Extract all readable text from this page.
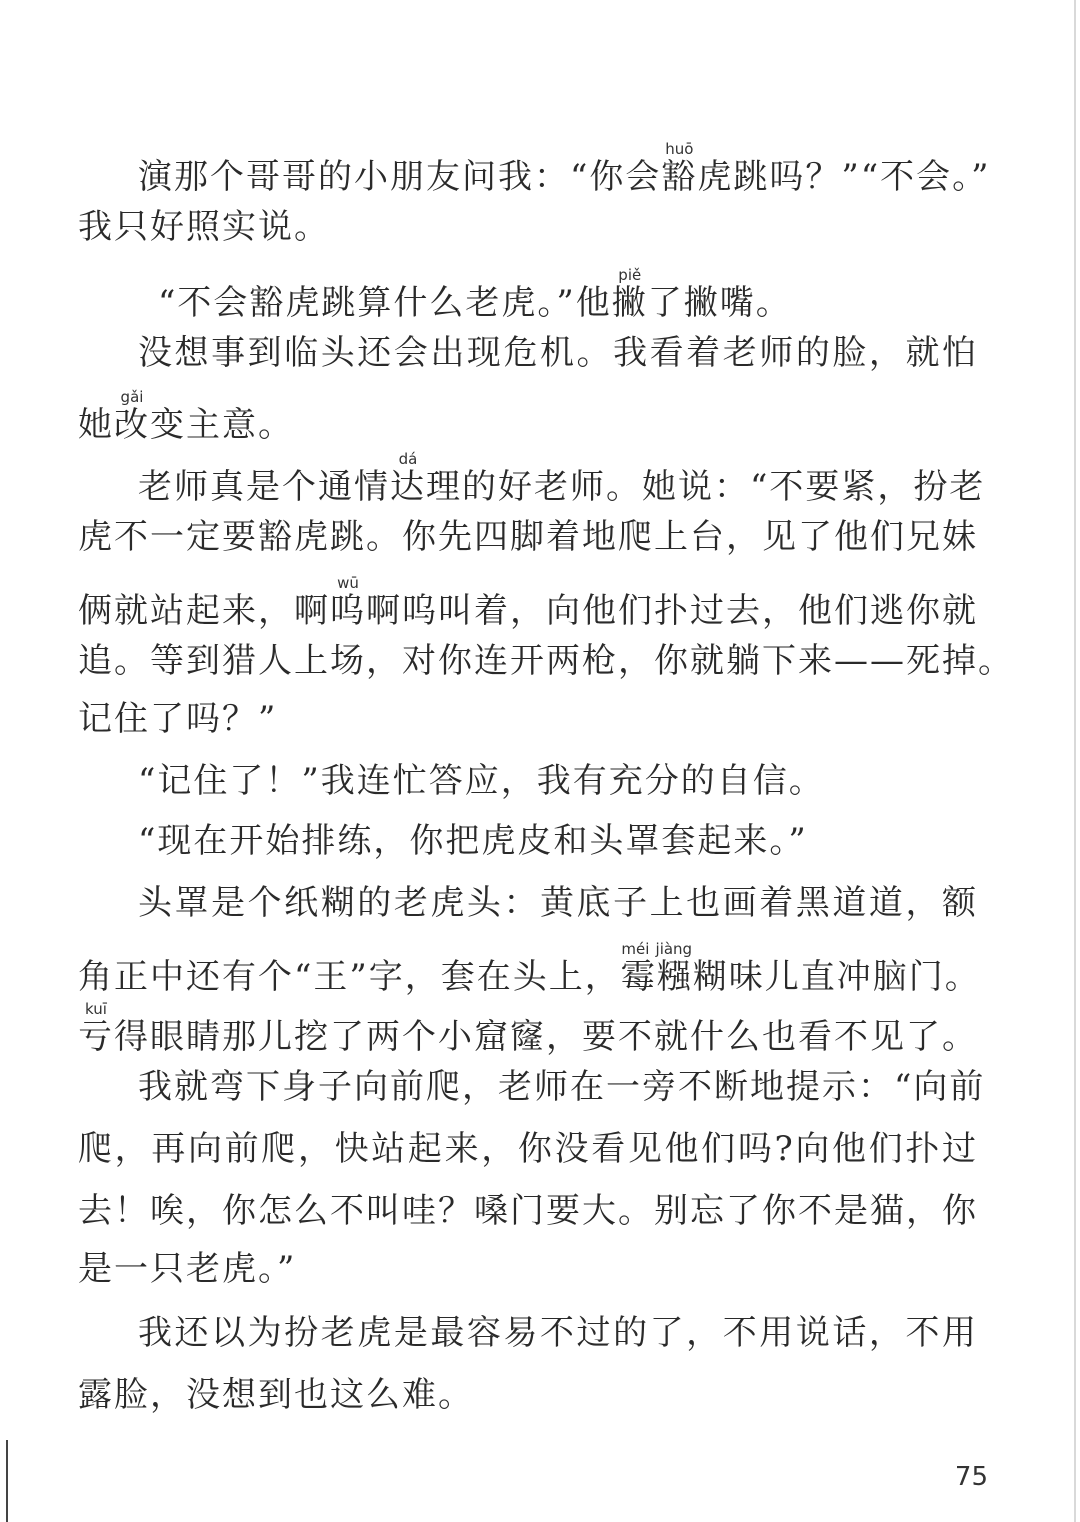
演那个哥哥的小朋友问我：“你会豁huō虎跳吗？”“不会。”
我只好照实说。
“不会豁虎跳算什么老虎。”他撇piě了撇嘴。
没想事到临头还会出现危机。我看着老师的脸，就怕
她改gǎi变主意。
老师真是个通情达dá理的好老师。她说：“不要紧，扮老
虎不一定要豁虎跳。你先四脚着地爬上台，见了他们兄妹
俩就站起来，啊呜wū啊呜叫着，向他们扑过去，他们逃你就
追。等到猎人上场，对你连开两枪，你就躺下来——死掉。
记住了吗？”
“记住了！”我连忙答应，我有充分的自信。
“现在开始排练，你把虎皮和头罩套起来。”
头罩是个纸糊的老虎头：黄底子上也画着黑道道，额
角正中还有个“王”字，套在头上，霉糨méi jiàng糊味儿直冲脑门。
亏kuī得眼睛那儿挖了两个小窟窿，要不就什么也看不见了。
我就弯下身子向前爬，老师在一旁不断地提示：“向前
爬，再向前爬，快站起来，你没看见他们吗?向他们扑过
去！唉，你怎么不叫哇？嗓门要大。别忘了你不是猫，你
是一只老虎。”
我还以为扮老虎是最容易不过的了，不用说话，不用
露脸，没想到也这么难。
75
